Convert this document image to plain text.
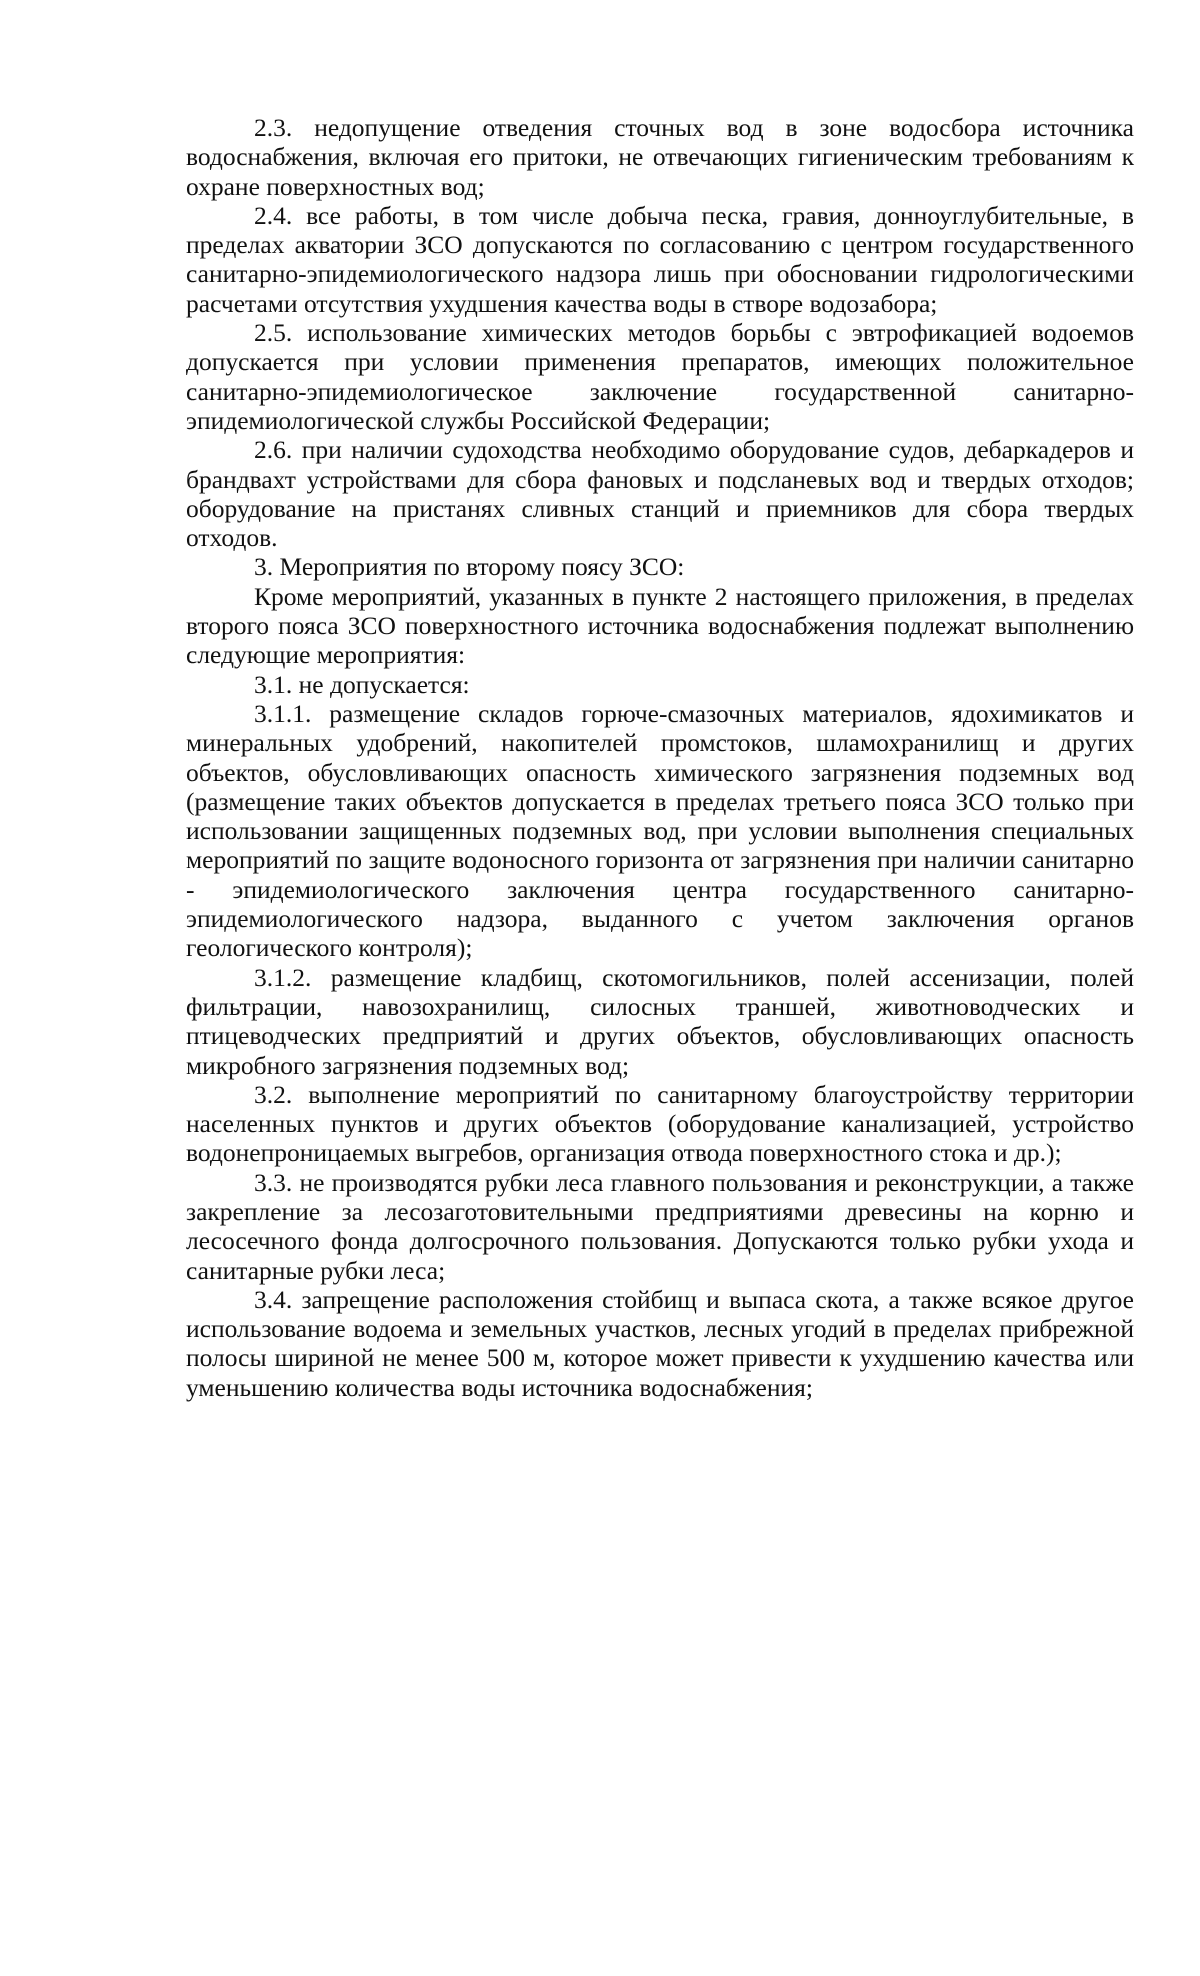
2.3. недопущение отведения сточных вод в зоне водосбора источника водоснабжения, включая его притоки, не отвечающих гигиеническим требованиям к охране поверхностных вод;

2.4. все работы, в том числе добыча песка, гравия, донноуглубительные, в пределах акватории ЗСО допускаются по согласованию с центром государственного санитарно-эпидемиологического надзора лишь при обосновании гидрологическими расчетами отсутствия ухудшения качества воды в створе водозабора;

2.5. использование химических методов борьбы с эвтрофикацией водоемов допускается при условии применения препаратов, имеющих положительное санитарно-эпидемиологическое заключение государственной санитарно-эпидемиологической службы Российской Федерации;

2.6. при наличии судоходства необходимо оборудование судов, дебаркадеров и брандвахт устройствами для сбора фановых и подсланевых вод и твердых отходов; оборудование на пристанях сливных станций и приемников для сбора твердых отходов.

3. Мероприятия по второму поясу ЗСО:

Кроме мероприятий, указанных в пункте 2 настоящего приложения, в пределах второго пояса ЗСО поверхностного источника водоснабжения подлежат выполнению следующие мероприятия:

3.1. не допускается:

3.1.1. размещение складов горюче-смазочных материалов, ядохимикатов и минеральных удобрений, накопителей промстоков, шламохранилищ и других объектов, обусловливающих опасность химического загрязнения подземных вод (размещение таких объектов допускается в пределах третьего пояса ЗСО только при использовании защищенных подземных вод, при условии выполнения специальных мероприятий по защите водоносного горизонта от загрязнения при наличии санитарно - эпидемиологического заключения центра государственного санитарно-эпидемиологического надзора, выданного с учетом заключения органов геологического контроля);

3.1.2. размещение кладбищ, скотомогильников, полей ассенизации, полей фильтрации, навозохранилищ, силосных траншей, животноводческих и птицеводческих предприятий и других объектов, обусловливающих опасность микробного загрязнения подземных вод;

3.2. выполнение мероприятий по санитарному благоустройству территории населенных пунктов и других объектов (оборудование канализацией, устройство водонепроницаемых выгребов, организация отвода поверхностного стока и др.);

3.3. не производятся рубки леса главного пользования и реконструкции, а также закрепление за лесозаготовительными предприятиями древесины на корню и лесосечного фонда долгосрочного пользования. Допускаются только рубки ухода и санитарные рубки леса;

3.4. запрещение расположения стойбищ и выпаса скота, а также всякое другое использование водоема и земельных участков, лесных угодий в пределах прибрежной полосы шириной не менее 500 м, которое может привести к ухудшению качества или уменьшению количества воды источника водоснабжения;
